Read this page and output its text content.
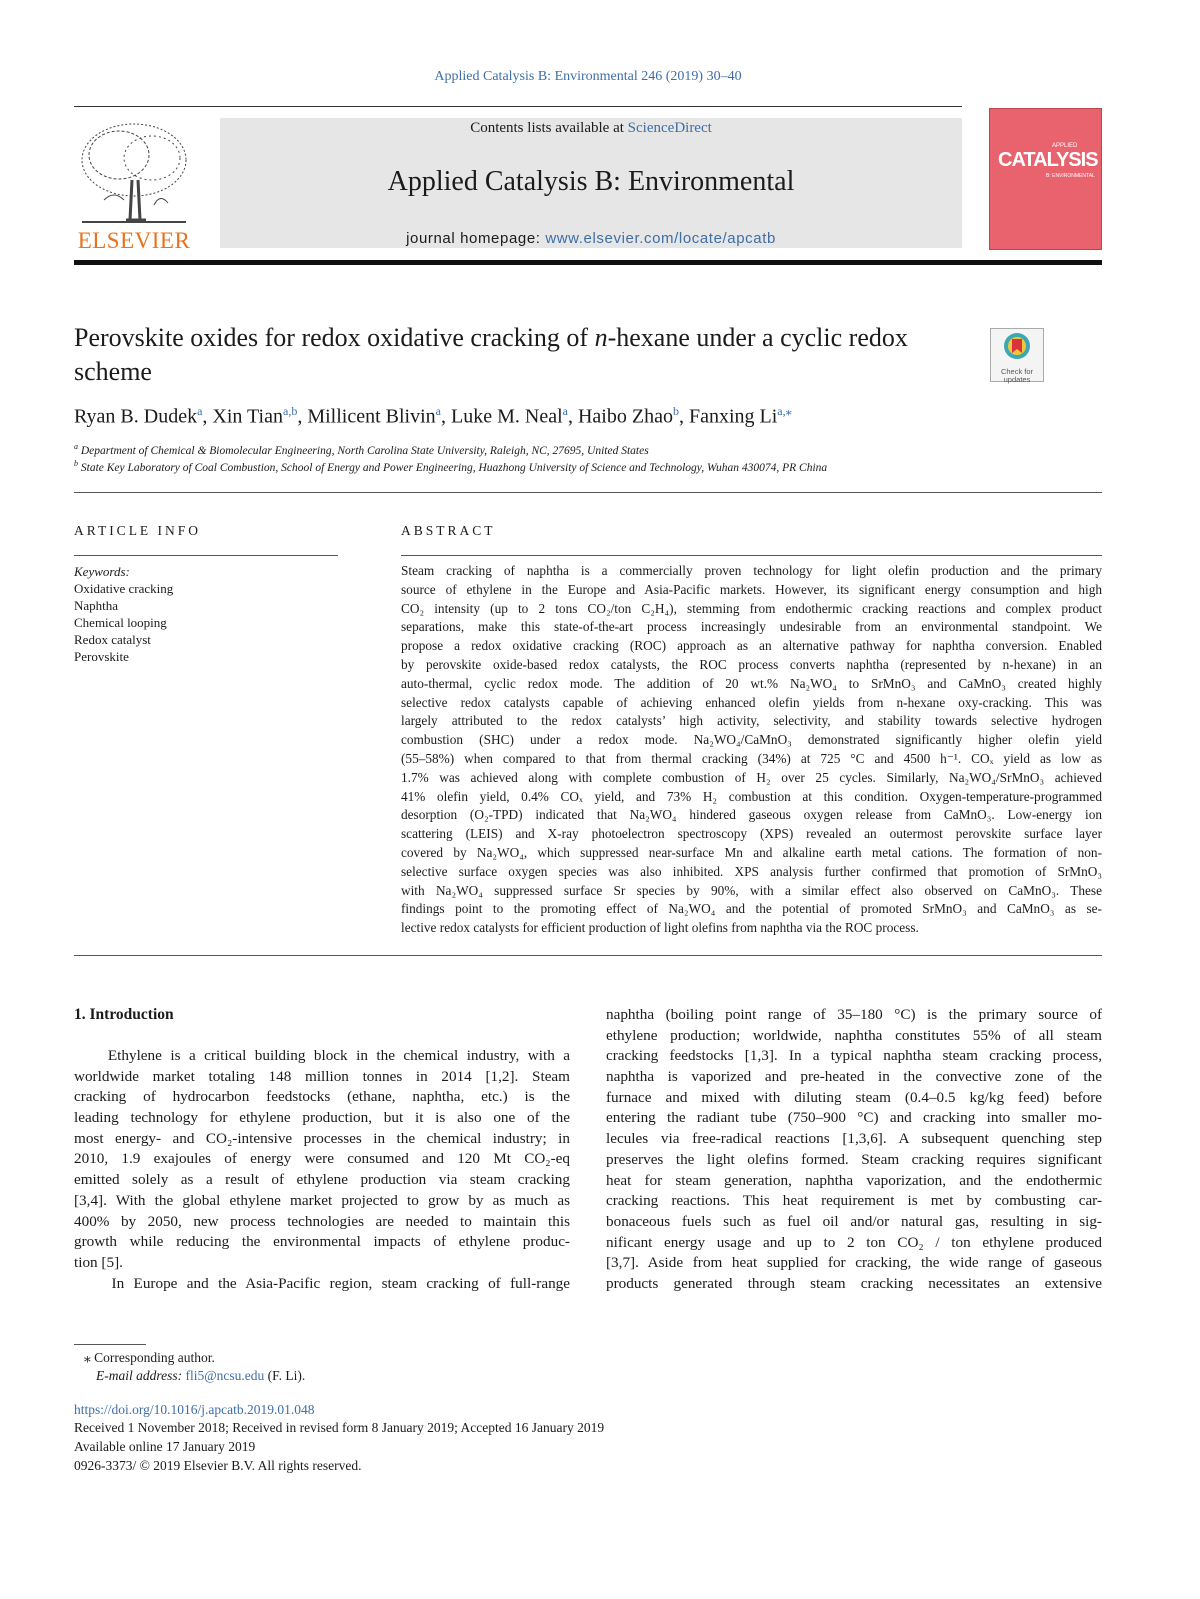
Applied Catalysis B: Environmental 246 (2019) 30–40
ELSEVIER
Contents lists available at ScienceDirect
Applied Catalysis B: Environmental
journal homepage: www.elsevier.com/locate/apcatb
APPLIED
CATALYSIS
B: ENVIRONMENTAL
Perovskite oxides for redox oxidative cracking of n-hexane under a cyclic redox scheme	Check for
updates
Ryan B. Dudek$^a$, Xin Tian$^{a,b}$, Millicent Blivin$^a$, Luke M. Neal$^a$, Haibo Zhao$^b$, Fanxing $Li^{a,⁎}$
$^a$ Department of Chemical & Biomolecular Engineering, North Carolina State University, Raleigh, NC, 27695, United States
$^b$ State Key Laboratory of Coal Combustion, School of Energy and Power Engineering, Huazhong University of Science and Technology, Wuhan 430074, PR China
ARTICLE INFO
Keywords:
Oxidative cracking
Naphtha
Chemical looping
Redox catalyst
Perovskite
ABSTRACT
Steam cracking of naphtha is a commercially proven technology for light olefin production and the primary
source of ethylene in the Europe and Asia-Pacific markets. However, its significant energy consumption and high
CO₂ intensity (up to 2 tons CO₂/ton C₂H₄), stemming from endothermic cracking reactions and complex product
separations, make this state-of-the-art process increasingly undesirable from an environmental standpoint. We
propose a redox oxidative cracking (ROC) approach as an alternative pathway for naphtha conversion. Enabled
by perovskite oxide-based redox catalysts, the ROC process converts naphtha (represented by n-hexane) in an
auto-thermal, cyclic redox mode. The addition of 20 wt.% Na₂WO₄ to SrMnO₃ and CaMnO₃ created highly
selective redox catalysts capable of achieving enhanced olefin yields from n-hexane oxy-cracking. This was
largely attributed to the redox catalysts’ high activity, selectivity, and stability towards selective hydrogen
combustion (SHC) under a redox mode. Na₂WO₄/CaMnO₃ demonstrated significantly higher olefin yield
(55–58%) when compared to that from thermal cracking (34%) at 725 °C and 4500 h⁻¹. COₓ yield as low as
1.7% was achieved along with complete combustion of H₂ over 25 cycles. Similarly, Na₂WO₄/SrMnO₃ achieved
41% olefin yield, 0.4% COₓ yield, and 73% H₂ combustion at this condition. Oxygen-temperature-programmed
desorption (O₂-TPD) indicated that Na₂WO₄ hindered gaseous oxygen release from CaMnO₃. Low-energy ion
scattering (LEIS) and X-ray photoelectron spectroscopy (XPS) revealed an outermost perovskite surface layer
covered by Na₂WO₄, which suppressed near-surface Mn and alkaline earth metal cations. The formation of non-
selective surface oxygen species was also inhibited. XPS analysis further confirmed that promotion of SrMnO₃
with Na₂WO₄ suppressed surface Sr species by 90%, with a similar effect also observed on CaMnO₃. These
findings point to the promoting effect of Na₂WO₄ and the potential of promoted SrMnO₃ and CaMnO₃ as se-
lective redox catalysts for efficient production of light olefins from naphtha via the ROC process.
1. Introduction
Ethylene is a critical building block in the chemical industry, with a
worldwide market totaling 148 million tonnes in 2014 [1,2]. Steam
cracking of hydrocarbon feedstocks (ethane, naphtha, etc.) is the
leading technology for ethylene production, but it is also one of the
most energy- and CO₂-intensive processes in the chemical industry; in
2010, 1.9 exajoules of energy were consumed and 120 Mt CO₂-eq
emitted solely as a result of ethylene production via steam cracking
[3,4]. With the global ethylene market projected to grow by as much as
400% by 2050, new process technologies are needed to maintain this
growth while reducing the environmental impacts of ethylene produc-
tion [5].
In Europe and the Asia-Pacific region, steam cracking of full-range
naphtha (boiling point range of 35–180 °C) is the primary source of
ethylene production; worldwide, naphtha constitutes 55% of all steam
cracking feedstocks [1,3]. In a typical naphtha steam cracking process,
naphtha is vaporized and pre-heated in the convective zone of the
furnace and mixed with diluting steam (0.4–0.5 kg/kg feed) before
entering the radiant tube (750–900 °C) and cracking into smaller mo-
lecules via free-radical reactions [1,3,6]. A subsequent quenching step
preserves the light olefins formed. Steam cracking requires significant
heat for steam generation, naphtha vaporization, and the endothermic
cracking reactions. This heat requirement is met by combusting car-
bonaceous fuels such as fuel oil and/or natural gas, resulting in sig-
nificant energy usage and up to 2 ton CO₂ / ton ethylene produced
[3,7]. Aside from heat supplied for cracking, the wide range of gaseous
products generated through steam cracking necessitates an extensive
⁎ Corresponding author.
E-mail address: fli5@ncsu.edu (F. Li).
https://doi.org/10.1016/j.apcatb.2019.01.048
Received 1 November 2018; Received in revised form 8 January 2019; Accepted 16 January 2019
Available online 17 January 2019
0926-3373/ © 2019 Elsevier B.V. All rights reserved.
